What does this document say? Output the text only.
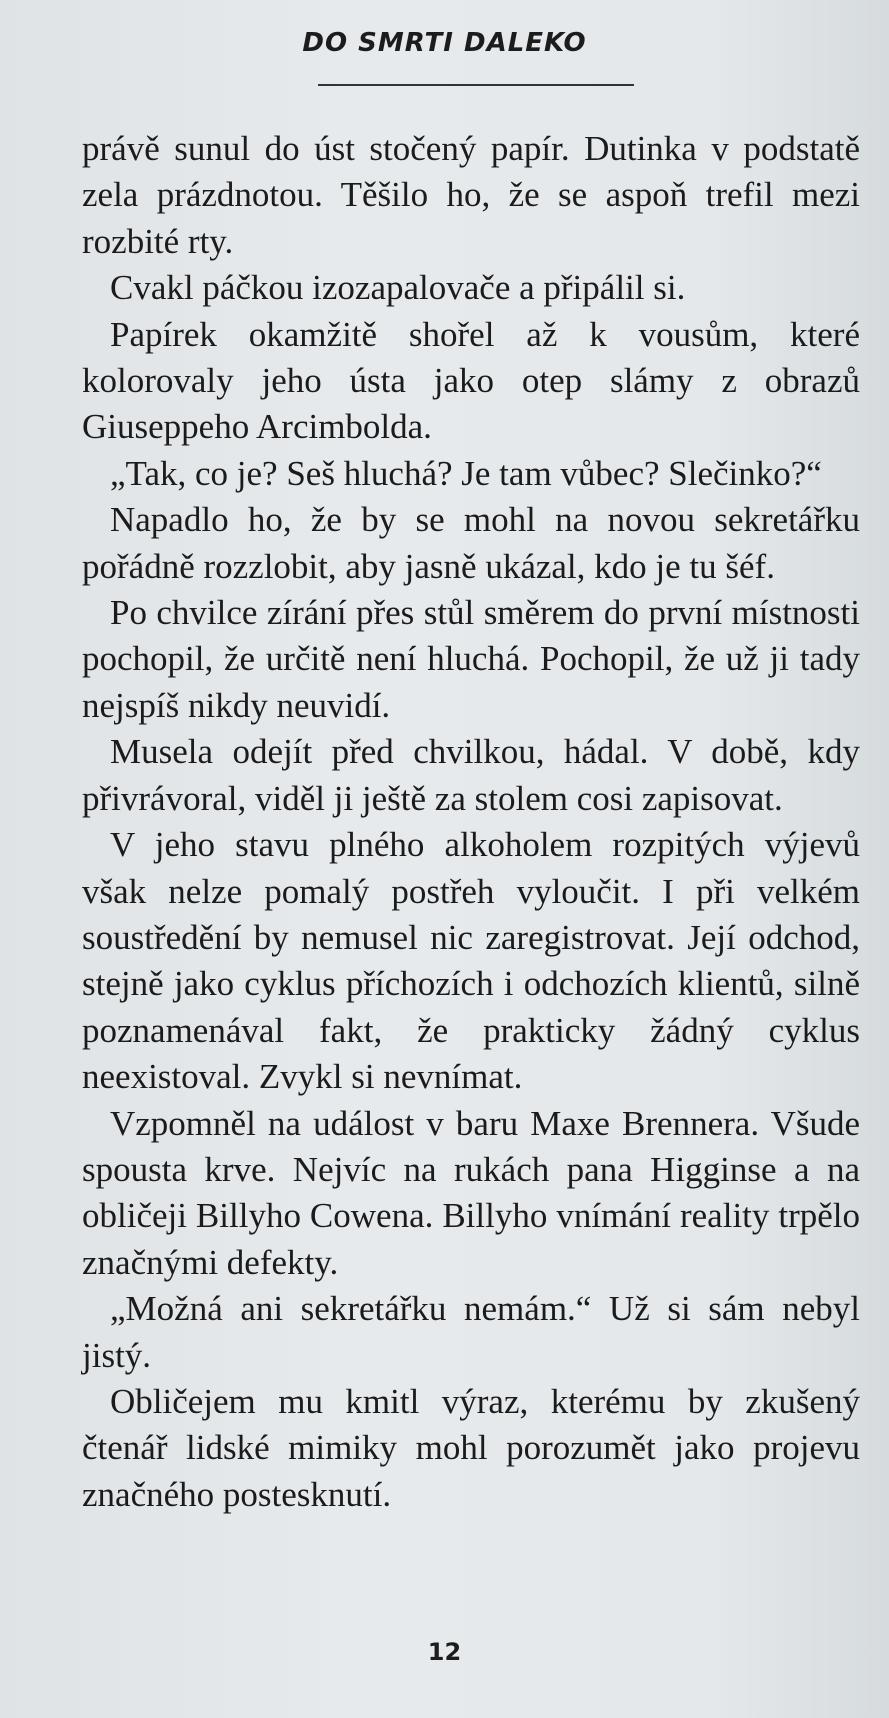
DO SMRTI DALEKO

právě sunul do úst stočený papír. Dutinka v podstatě zela prázdnotou. Těšilo ho, že se aspoň trefil mezi rozbité rty.

Cvakl páčkou izozapalovače a připálil si.

Papírek okamžitě shořel až k vousům, které kolorovaly jeho ústa jako otep slámy z obrazů Giuseppeho Arcimbolda.

„Tak, co je? Seš hluchá? Je tam vůbec? Slečinko?“

Napadlo ho, že by se mohl na novou sekretářku pořádně rozzlobit, aby jasně ukázal, kdo je tu šéf.

Po chvilce zírání přes stůl směrem do první místnosti pochopil, že určitě není hluchá. Pochopil, že už ji tady nejspíš nikdy neuvidí.

Musela odejít před chvilkou, hádal. V době, kdy přivrávoral, viděl ji ještě za stolem cosi zapisovat.

V jeho stavu plného alkoholem rozpitých výjevů však nelze pomalý postřeh vyloučit. I při velkém soustředění by nemusel nic zaregistrovat. Její odchod, stejně jako cyklus příchozích i odchozích klientů, silně poznamenával fakt, že prakticky žádný cyklus neexistoval. Zvykl si nevnímat.

Vzpomněl na událost v baru Maxe Brennera. Všude spousta krve. Nejvíc na rukách pana Higginse a na obličeji Billyho Cowena. Billyho vnímání reality trpělo značnými defekty.

„Možná ani sekretářku nemám.“ Už si sám nebyl jistý.

Obličejem mu kmitl výraz, kterému by zkušený čtenář lidské mimiky mohl porozumět jako projevu značného postesknutí.

12
